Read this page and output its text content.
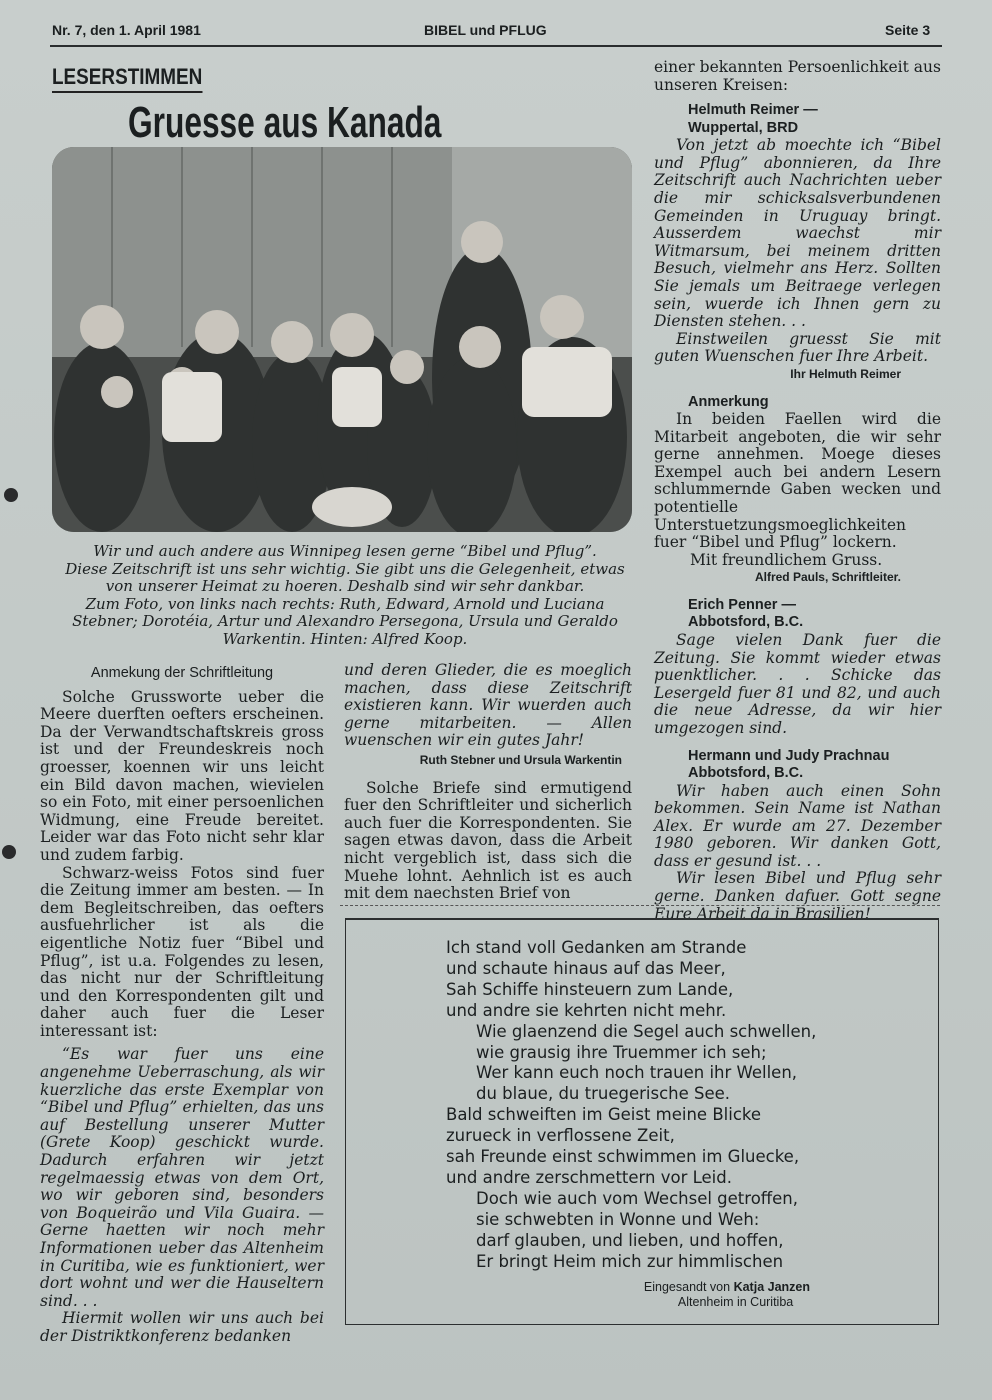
Nr. 7, den 1. April 1981	BIBEL und PFLUG	Seite 3
LESERSTIMMEN
Gruesse aus Kanada
Wir und auch andere aus Winnipeg lesen gerne “Bibel und Pflug”.
Diese Zeitschrift ist uns sehr wichtig. Sie gibt uns die Gelegenheit, etwas
von unserer Heimat zu hoeren. Deshalb sind wir sehr dankbar.
Zum Foto, von links nach rechts: Ruth, Edward, Arnold und Luciana
Stebner; Dorotéia, Artur und Alexandro Persegona, Ursula und Geraldo
Warkentin. Hinten: Alfred Koop.

Anmekung der Schriftleitung

Solche Grussworte ueber die Meere duerften oefters erscheinen. Da der Verwandtschaftskreis gross ist und der Freundeskreis noch groesser, koennen wir uns leicht ein Bild davon machen, wievielen so ein Foto, mit einer persoenlichen Widmung, eine Freude bereitet. Leider war das Foto nicht sehr klar und zudem farbig.

Schwarz-weiss Fotos sind fuer die Zeitung immer am besten. — In dem Begleitschreiben, das oefters ausfuehrlicher ist als die eigentliche Notiz fuer “Bibel und Pflug”, ist u.a. Folgendes zu lesen, das nicht nur der Schriftleitung und den Korrespondenten gilt und daher auch fuer die Leser interessant ist:

“Es war fuer uns eine angenehme Ueberraschung, als wir kuerzliche das erste Exemplar von “Bibel und Pflug” erhielten, das uns auf Bestellung unserer Mutter (Grete Koop) geschickt wurde. Dadurch erfahren wir jetzt regelmaessig etwas von dem Ort, wo wir geboren sind, besonders von Boqueirão und Vila Guaira. — Gerne haetten wir noch mehr Informationen ueber das Altenheim in Curitiba, wie es funktioniert, wer dort wohnt und wer die Hauseltern sind. . .

Hiermit wollen wir uns auch bei der Distriktkonferenz bedanken

und deren Glieder, die es moeglich machen, dass diese Zeitschrift existieren kann. Wir wuerden auch gerne mitarbeiten. — Allen wuenschen wir ein gutes Jahr!

Ruth Stebner und Ursula Warkentin

Solche Briefe sind ermutigend fuer den Schriftleiter und sicherlich auch fuer die Korrespondenten. Sie sagen etwas davon, dass die Arbeit nicht vergeblich ist, dass sich die Muehe lohnt. Aehnlich ist es auch mit dem naechsten Brief von

einer bekannten Persoenlichkeit aus unseren Kreisen:

Helmuth Reimer —

Wuppertal, BRD

Von jetzt ab moechte ich “Bibel und Pflug” abonnieren, da Ihre Zeitschrift auch Nachrichten ueber die mir schicksalsverbundenen Gemeinden in Uruguay bringt. Ausserdem waechst mir Witmarsum, bei meinem dritten Besuch, vielmehr ans Herz. Sollten Sie jemals um Beitraege verlegen sein, wuerde ich Ihnen gern zu Diensten stehen. . .

Einstweilen gruesst Sie mit guten Wuenschen fuer Ihre Arbeit.

Ihr Helmuth Reimer

Anmerkung

In beiden Faellen wird die Mitarbeit angeboten, die wir sehr gerne annehmen. Moege dieses Exempel auch bei andern Lesern schlummernde Gaben wecken und potentielle Unterstuetzungsmoeglichkeiten fuer “Bibel und Pflug” lockern.

Mit freundlichem Gruss.

Alfred Pauls, Schriftleiter.

Erich Penner —

Abbotsford, B.C.

Sage vielen Dank fuer die Zeitung. Sie kommt wieder etwas puenktlicher. . . Schicke das Lesergeld fuer 81 und 82, und auch die neue Adresse, da wir hier umgezogen sind.

Hermann und Judy Prachnau

Abbotsford, B.C.

Wir haben auch einen Sohn bekommen. Sein Name ist Nathan Alex. Er wurde am 27. Dezember 1980 geboren. Wir danken Gott, dass er gesund ist. . .

Wir lesen Bibel und Pflug sehr gerne. Danken dafuer. Gott segne Eure Arbeit da in Brasilien!

Ich stand voll Gedanken am Strande
und schaute hinaus auf das Meer,
Sah Schiffe hinsteuern zum Lande,
und andre sie kehrten nicht mehr.
Wie glaenzend die Segel auch schwellen,
wie grausig ihre Truemmer ich seh;
Wer kann euch noch trauen ihr Wellen,
du blaue, du truegerische See.
Bald schweiften im Geist meine Blicke
zurueck in verflossene Zeit,
sah Freunde einst schwimmen im Gluecke,
und andre zerschmettern vor Leid.
Doch wie auch vom Wechsel getroffen,
sie schwebten in Wonne und Weh:
darf glauben, und lieben, und hoffen,
Er bringt Heim mich zur himmlischen
Eingesandt von Katja Janzen
Altenheim in Curitiba
